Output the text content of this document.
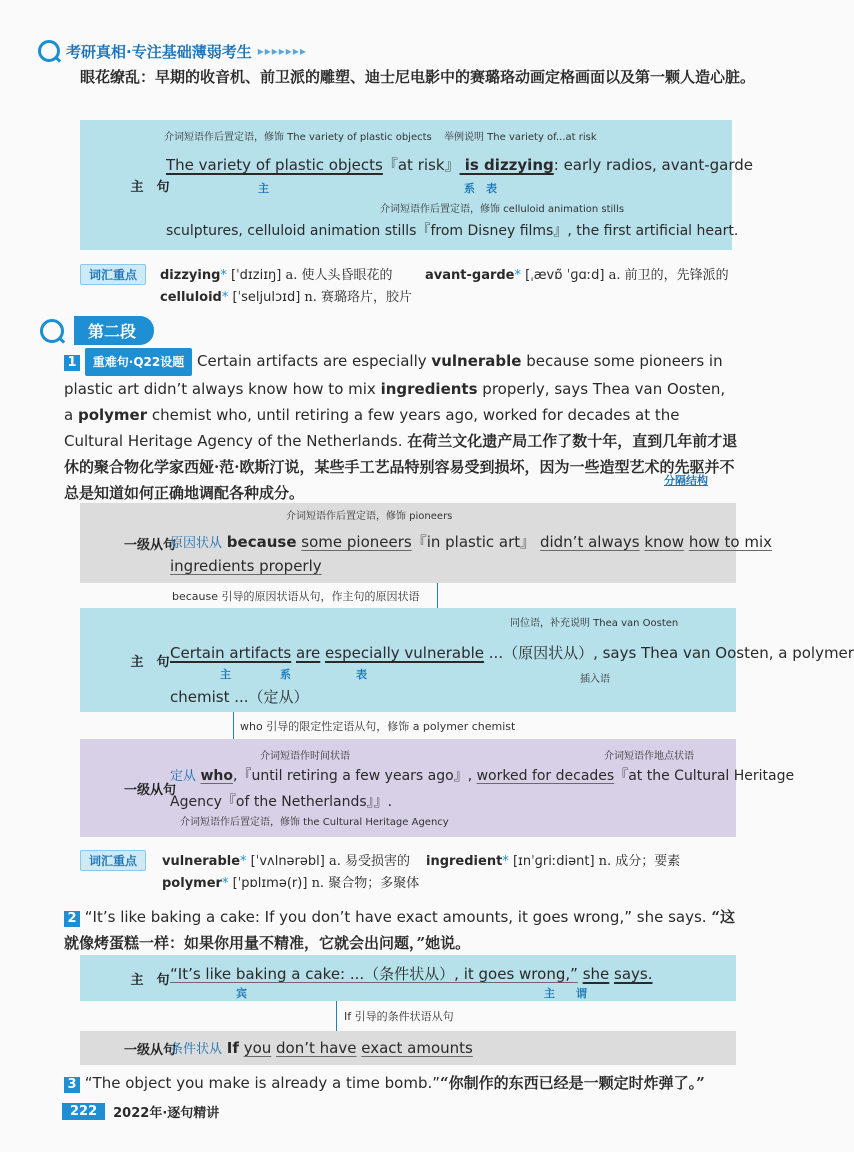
考研真相·专注基础薄弱考生 ▸▸▸▸▸▸▸
眼花缭乱：早期的收音机、前卫派的雕塑、迪士尼电影中的赛璐珞动画定格画面以及第一颗人造心脏。
主　句
介词短语作后置定语，修饰 The variety of plastic objects 举例说明 The variety of...at risk
The variety of plastic objects『at risk』 is dizzying: early radios, avant-garde
主	系　表
介词短语作后置定语，修饰 celluloid animation stills
sculptures, celluloid animation stills『from Disney films』, the first artificial heart.
词汇重点	dizzying* [ˈdɪziɪŋ] a. 使人头昏眼花的	avant-garde* [ˌævɒ̃ ˈɡɑːd] a. 前卫的，先锋派的
celluloid* [ˈseljulɔɪd] n. 赛璐珞片，胶片
第二段
1 重难句·Q22设题 Certain artifacts are especially vulnerable because some pioneers in plastic art didn’t always know how to mix ingredients properly, says Thea van Oosten, a polymer chemist who, until retiring a few years ago, worked for decades at the Cultural Heritage Agency of the Netherlands. 在荷兰文化遗产局工作了数十年，直到几年前才退休的聚合物化学家西娅·范·欧斯汀说，某些手工艺品特别容易受到损坏，因为一些造型艺术的先驱并不总是知道如何正确地调配各种成分。
分隔结构
一级从句
介词短语作后置定语，修饰 pioneers
原因状从 because some pioneers『in plastic art』 didn’t always know how to mix
ingredients properly
because 引导的原因状语从句，作主句的原因状语
主　句
同位语，补充说明 Thea van Oosten
Certain artifacts are especially vulnerable ...（原因状从）, says Thea van Oosten, a polymer
主	系	表	插入语
chemist ...（定从）
who 引导的限定性定语从句，修饰 a polymer chemist
一级从句
介词短语作时间状语	介词短语作地点状语
定从 who,『until retiring a few years ago』, worked for decades『at the Cultural Heritage
Agency『of the Netherlands』』.
介词短语作后置定语，修饰 the Cultural Heritage Agency
词汇重点	vulnerable* [ˈvʌlnərəbl] a. 易受损害的 ingredient* [ɪnˈɡriːdiənt] n. 成分；要素
polymer* [ˈpɒlɪmə(r)] n. 聚合物；多聚体
2 “It’s like baking a cake: If you don’t have exact amounts, it goes wrong,” she says. “这就像烤蛋糕一样：如果你用量不精准，它就会出问题，”她说。
主　句 “It’s like baking a cake: ...（条件状从）, it goes wrong,” she says.
宾	主 谓
If 引导的条件状语从句
一级从句
条件状从 If you don’t have exact amounts
3 “The object you make is already a time bomb.”“你制作的东西已经是一颗定时炸弹了。”
222	2022年·逐句精讲
